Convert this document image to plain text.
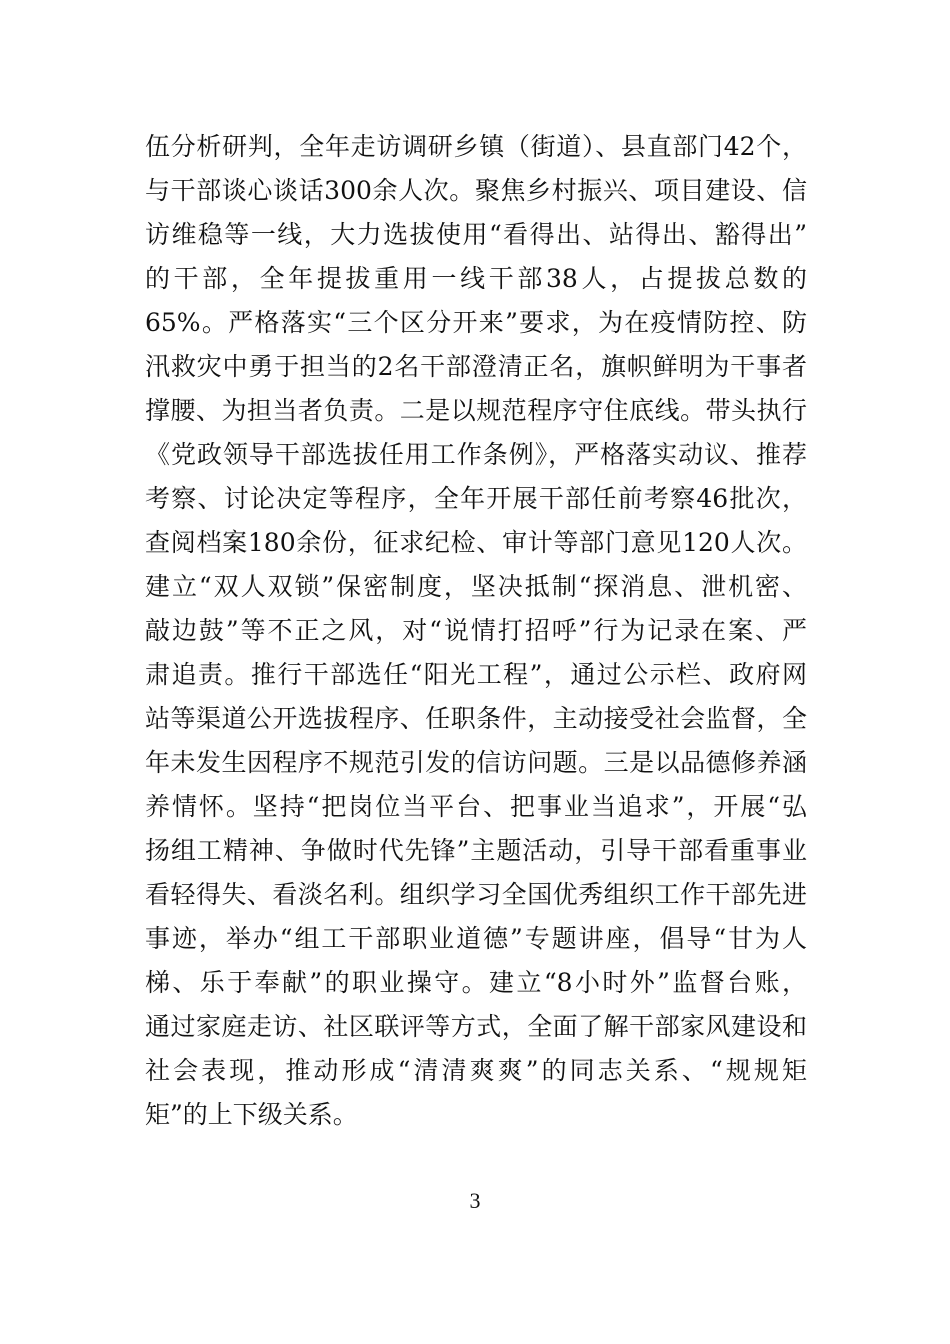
伍分析研判，全年走访调研乡镇（街道）、县直部门42个，
与干部谈心谈话300余人次。聚焦乡村振兴、项目建设、信
访维稳等一线，大力选拔使用“看得出、站得出、豁得出”
的干部，全年提拔重用一线干部38人，占提拔总数的
65%。严格落实“三个区分开来”要求，为在疫情防控、防
汛救灾中勇于担当的2名干部澄清正名，旗帜鲜明为干事者
撑腰、为担当者负责。二是以规范程序守住底线。带头执行
《党政领导干部选拔任用工作条例》，严格落实动议、推荐
考察、讨论决定等程序，全年开展干部任前考察46批次，
查阅档案180余份，征求纪检、审计等部门意见120人次。
建立“双人双锁”保密制度，坚决抵制“探消息、泄机密、
敲边鼓”等不正之风，对“说情打招呼”行为记录在案、严
肃追责。推行干部选任“阳光工程”，通过公示栏、政府网
站等渠道公开选拔程序、任职条件，主动接受社会监督，全
年未发生因程序不规范引发的信访问题。三是以品德修养涵
养情怀。坚持“把岗位当平台、把事业当追求”，开展“弘
扬组工精神、争做时代先锋”主题活动，引导干部看重事业
看轻得失、看淡名利。组织学习全国优秀组织工作干部先进
事迹，举办“组工干部职业道德”专题讲座，倡导“甘为人
梯、乐于奉献”的职业操守。建立“8小时外”监督台账，
通过家庭走访、社区联评等方式，全面了解干部家风建设和
社会表现，推动形成“清清爽爽”的同志关系、“规规矩
矩”的上下级关系。
3
